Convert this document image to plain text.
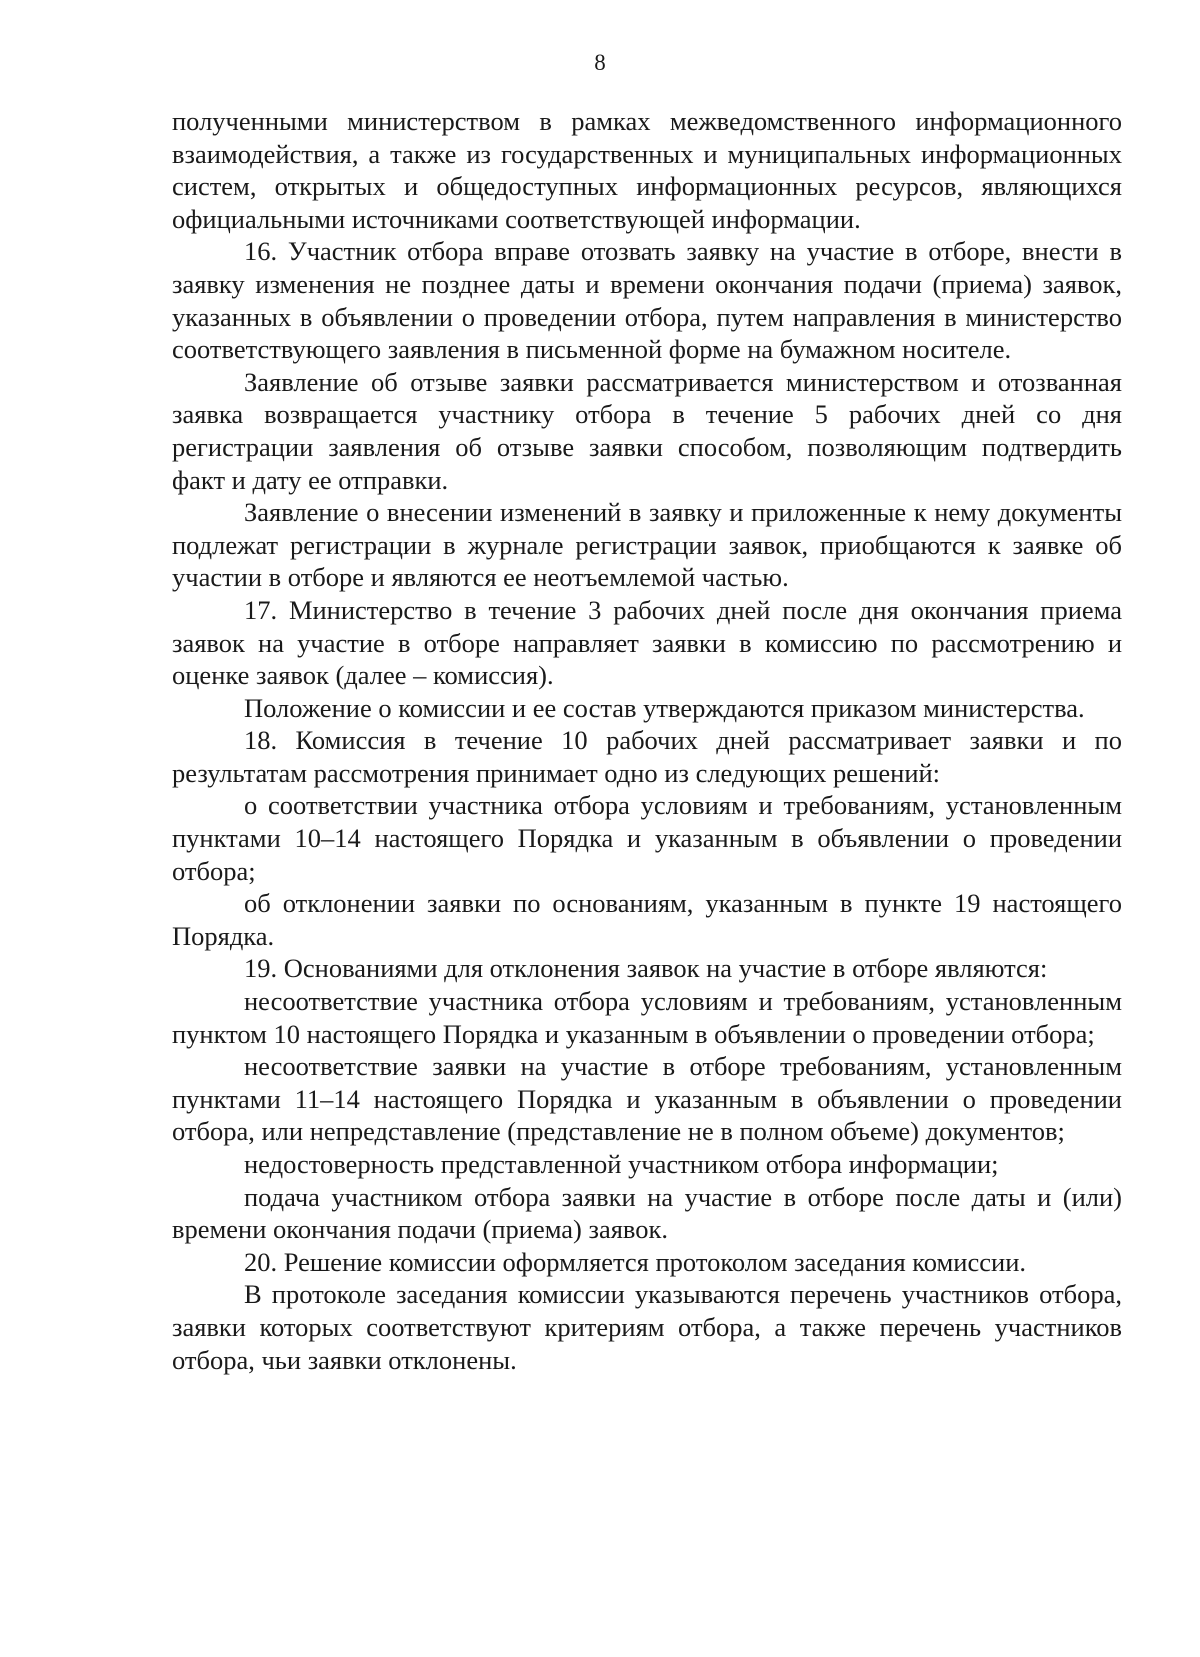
8

полученными министерством в рамках межведомственного информационного взаимодействия, а также из государственных и муниципальных информационных систем, открытых и общедоступных информационных ресурсов, являющихся официальными источниками соответствующей информации.

16. Участник отбора вправе отозвать заявку на участие в отборе, внести в заявку изменения не позднее даты и времени окончания подачи (приема) заявок, указанных в объявлении о проведении отбора, путем направления в министерство соответствующего заявления в письменной форме на бумажном носителе.

Заявление об отзыве заявки рассматривается министерством и отозванная заявка возвращается участнику отбора в течение 5 рабочих дней со дня регистрации заявления об отзыве заявки способом, позволяющим подтвердить факт и дату ее отправки.

Заявление о внесении изменений в заявку и приложенные к нему документы подлежат регистрации в журнале регистрации заявок, приобщаются к заявке об участии в отборе и являются ее неотъемлемой частью.

17. Министерство в течение 3 рабочих дней после дня окончания приема заявок на участие в отборе направляет заявки в комиссию по рассмотрению и оценке заявок (далее – комиссия).

Положение о комиссии и ее состав утверждаются приказом министерства.

18. Комиссия в течение 10 рабочих дней рассматривает заявки и по результатам рассмотрения принимает одно из следующих решений:

о соответствии участника отбора условиям и требованиям, установленным пунктами 10–14 настоящего Порядка и указанным в объявлении о проведении отбора;

об отклонении заявки по основаниям, указанным в пункте 19 настоящего Порядка.

19. Основаниями для отклонения заявок на участие в отборе являются:

несоответствие участника отбора условиям и требованиям, установленным пунктом 10 настоящего Порядка и указанным в объявлении о проведении отбора;

несоответствие заявки на участие в отборе требованиям, установленным пунктами 11–14 настоящего Порядка и указанным в объявлении о проведении отбора, или непредставление (представление не в полном объеме) документов;

недостоверность представленной участником отбора информации;

подача участником отбора заявки на участие в отборе после даты и (или) времени окончания подачи (приема) заявок.

20. Решение комиссии оформляется протоколом заседания комиссии.

В протоколе заседания комиссии указываются перечень участников отбора, заявки которых соответствуют критериям отбора, а также перечень участников отбора, чьи заявки отклонены.
